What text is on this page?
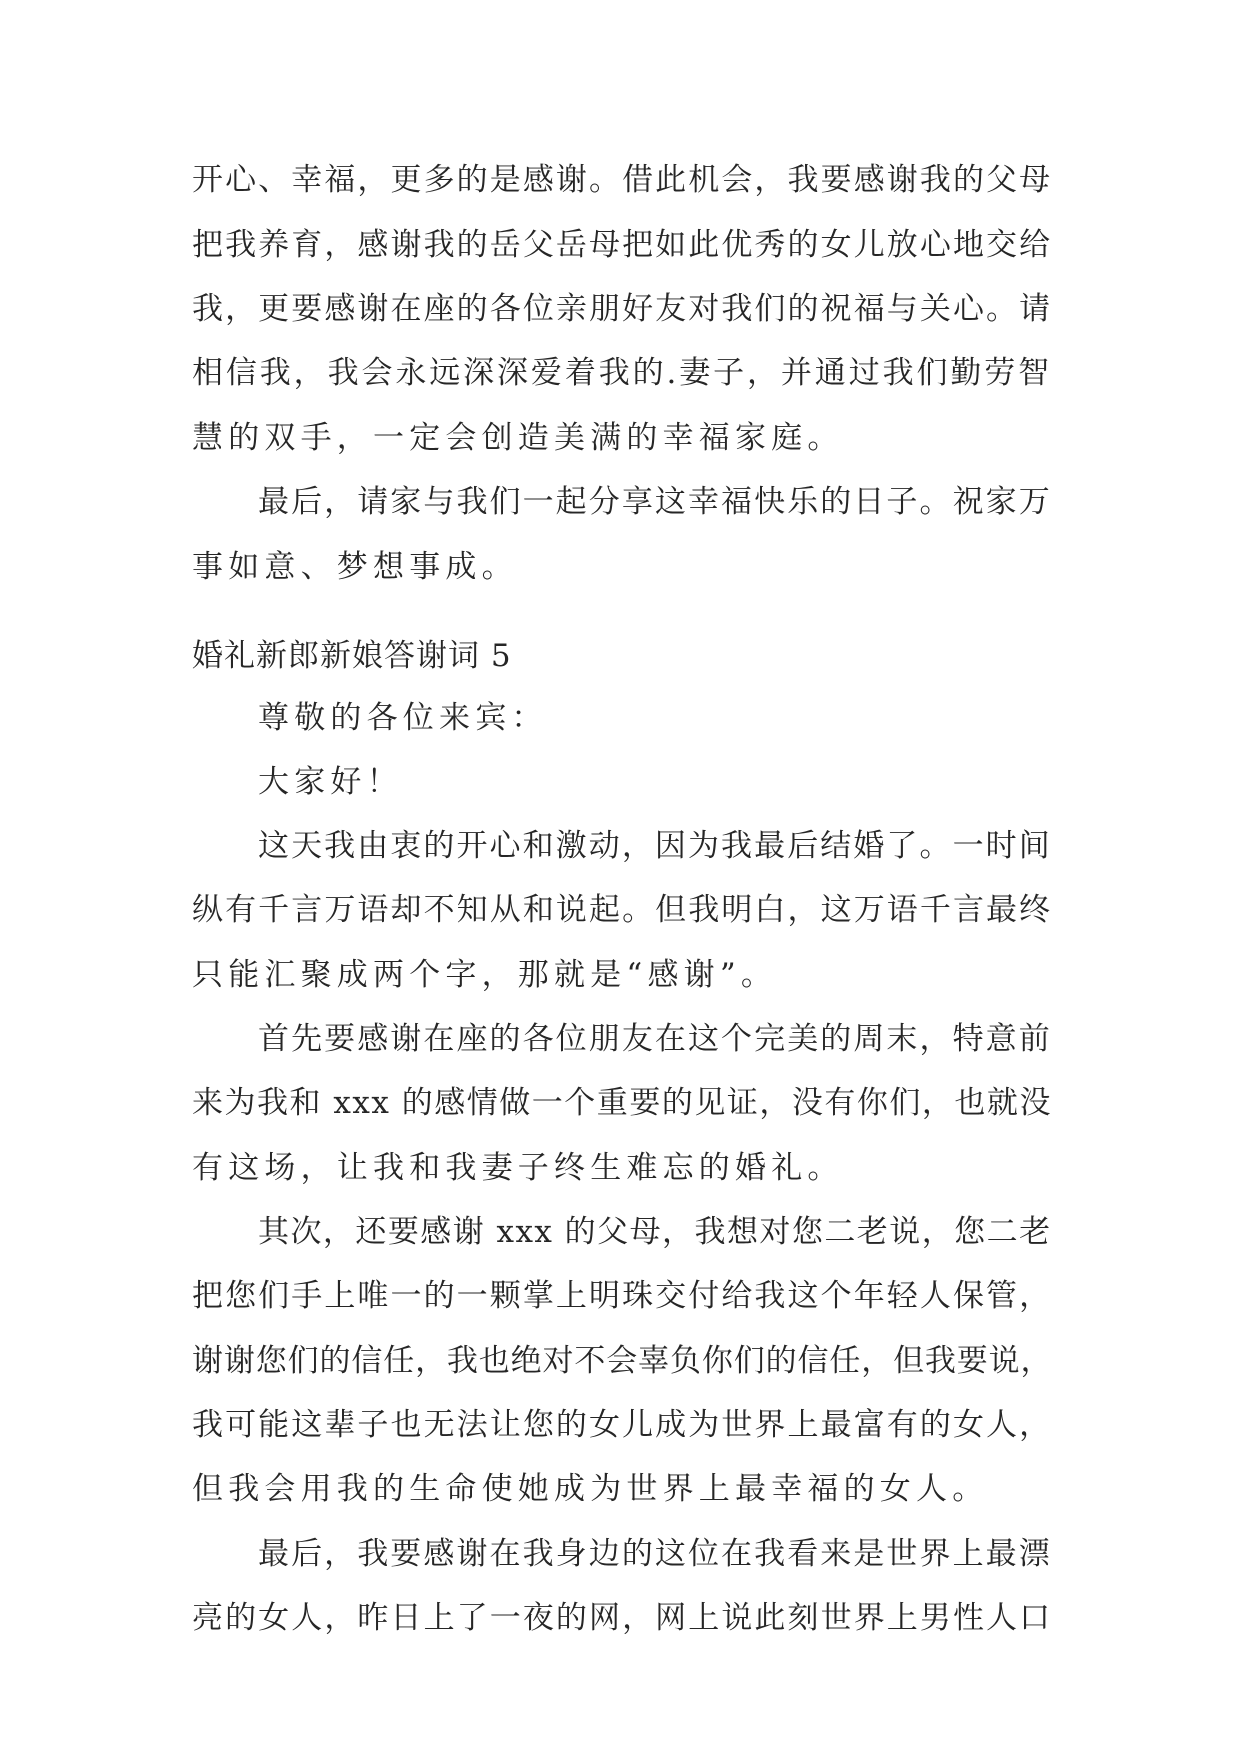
开心、幸福，更多的是感谢。借此机会，我要感谢我的父母
把我养育，感谢我的岳父岳母把如此优秀的女儿放心地交给
我，更要感谢在座的各位亲朋好友对我们的祝福与关心。请
相信我，我会永远深深爱着我的.妻子，并通过我们勤劳智
慧的双手，一定会创造美满的幸福家庭。
最后，请家与我们一起分享这幸福快乐的日子。祝家万
事如意、梦想事成。
婚礼新郎新娘答谢词 5
尊敬的各位来宾：
大家好！
这天我由衷的开心和激动，因为我最后结婚了。一时间
纵有千言万语却不知从和说起。但我明白，这万语千言最终
只能汇聚成两个字，那就是“感谢”。
首先要感谢在座的各位朋友在这个完美的周末，特意前
来为我和 xxx 的感情做一个重要的见证，没有你们，也就没
有这场，让我和我妻子终生难忘的婚礼。
其次，还要感谢 xxx 的父母，我想对您二老说，您二老
把您们手上唯一的一颗掌上明珠交付给我这个年轻人保管，
谢谢您们的信任，我也绝对不会辜负你们的信任，但我要说，
我可能这辈子也无法让您的女儿成为世界上最富有的女人，
但我会用我的生命使她成为世界上最幸福的女人。
最后，我要感谢在我身边的这位在我看来是世界上最漂
亮的女人，昨日上了一夜的网，网上说此刻世界上男性人口
